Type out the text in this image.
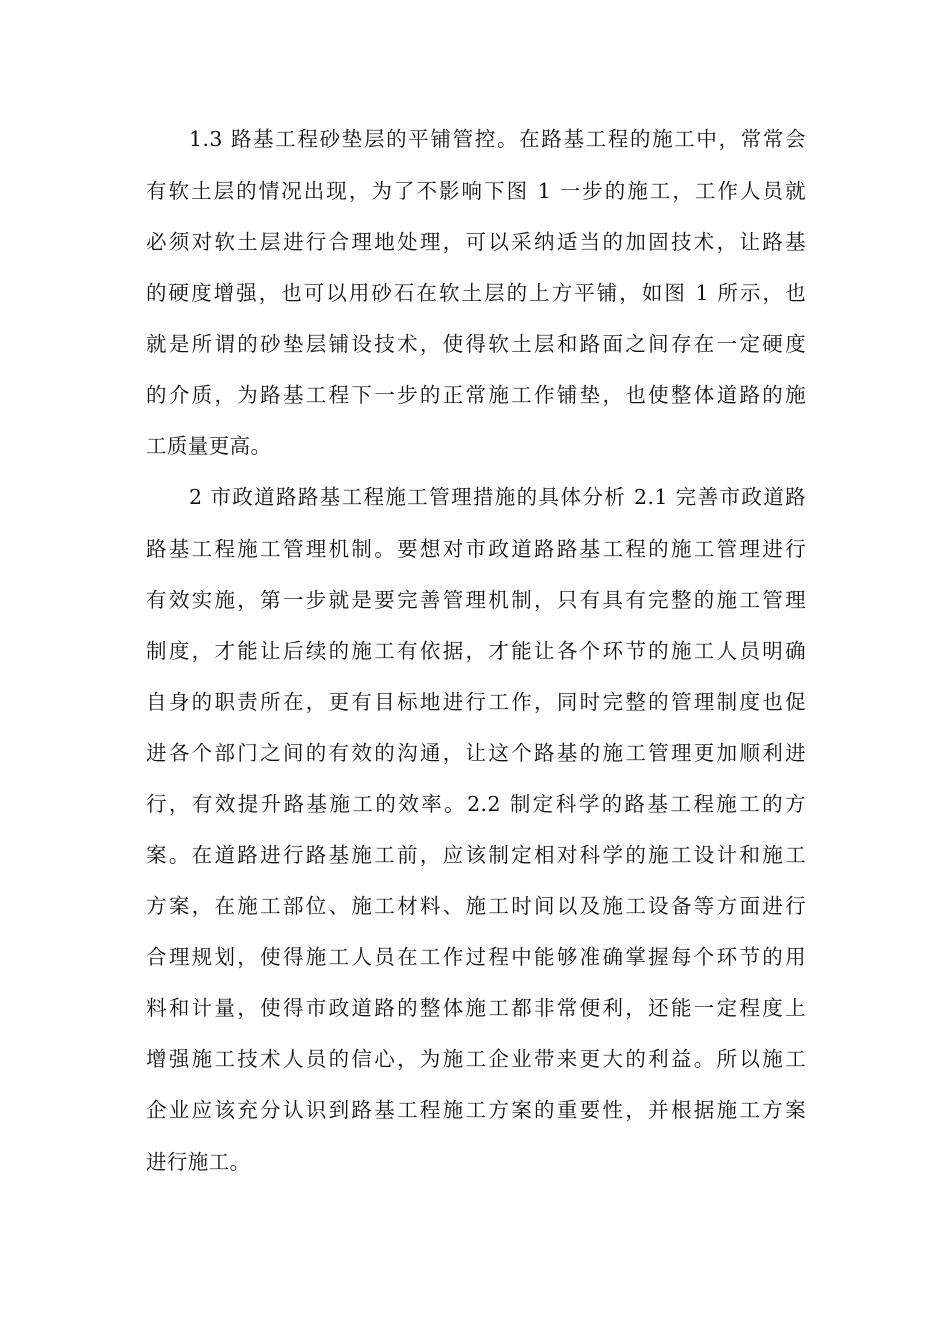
1.3 路基工程砂垫层的平铺管控。在路基工程的施工中，常常会
有软土层的情况出现，为了不影响下图 1 一步的施工，工作人员就
必须对软土层进行合理地处理，可以采纳适当的加固技术，让路基
的硬度增强，也可以用砂石在软土层的上方平铺，如图 1 所示，也
就是所谓的砂垫层铺设技术，使得软土层和路面之间存在一定硬度
的介质，为路基工程下一步的正常施工作铺垫，也使整体道路的施
工质量更高。
2 市政道路路基工程施工管理措施的具体分析 2.1 完善市政道路
路基工程施工管理机制。要想对市政道路路基工程的施工管理进行
有效实施，第一步就是要完善管理机制，只有具有完整的施工管理
制度，才能让后续的施工有依据，才能让各个环节的施工人员明确
自身的职责所在，更有目标地进行工作，同时完整的管理制度也促
进各个部门之间的有效的沟通，让这个路基的施工管理更加顺利进
行，有效提升路基施工的效率。2.2 制定科学的路基工程施工的方
案。在道路进行路基施工前，应该制定相对科学的施工设计和施工
方案，在施工部位、施工材料、施工时间以及施工设备等方面进行
合理规划，使得施工人员在工作过程中能够准确掌握每个环节的用
料和计量，使得市政道路的整体施工都非常便利，还能一定程度上
增强施工技术人员的信心，为施工企业带来更大的利益。所以施工
企业应该充分认识到路基工程施工方案的重要性，并根据施工方案
进行施工。
